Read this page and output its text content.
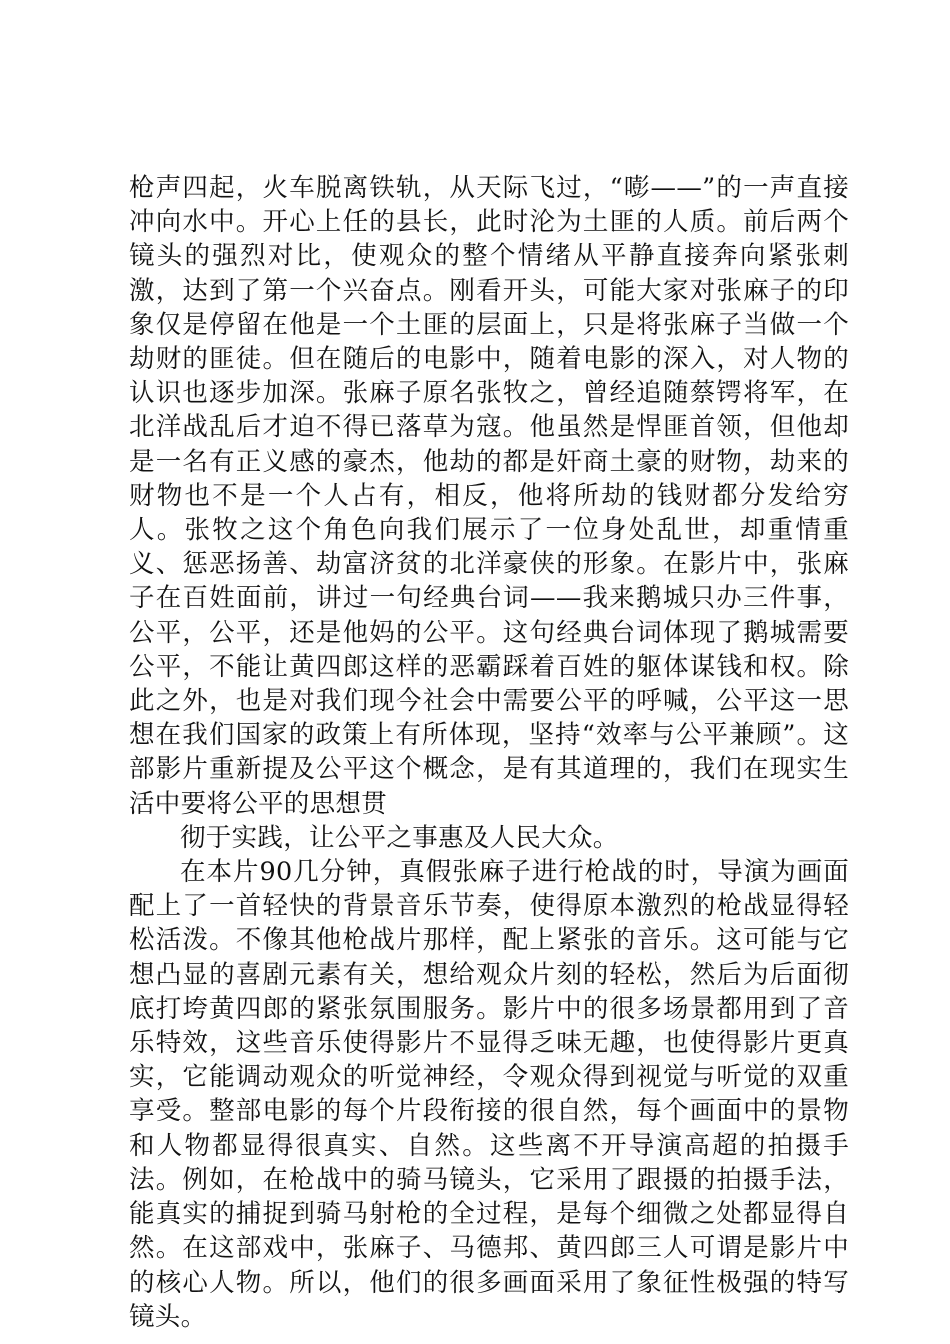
枪声四起，火车脱离铁轨，从天际飞过，“嘭——”的一声直接冲向水中。开心上任的县长，此时沦为土匪的人质。前后两个镜头的强烈对比，使观众的整个情绪从平静直接奔向紧张刺激，达到了第一个兴奋点。刚看开头，可能大家对张麻子的印象仅是停留在他是一个土匪的层面上，只是将张麻子当做一个劫财的匪徒。但在随后的电影中，随着电影的深入，对人物的认识也逐步加深。张麻子原名张牧之，曾经追随蔡锷将军，在北洋战乱后才迫不得已落草为寇。他虽然是悍匪首领，但他却是一名有正义感的豪杰，他劫的都是奸商土豪的财物，劫来的财物也不是一个人占有，相反，他将所劫的钱财都分发给穷人。张牧之这个角色向我们展示了一位身处乱世，却重情重义、惩恶扬善、劫富济贫的北洋豪侠的形象。在影片中，张麻子在百姓面前，讲过一句经典台词——我来鹅城只办三件事，公平，公平，还是他妈的公平。这句经典台词体现了鹅城需要公平，不能让黄四郎这样的恶霸踩着百姓的躯体谋钱和权。除此之外，也是对我们现今社会中需要公平的呼喊，公平这一思想在我们国家的政策上有所体现，坚持“效率与公平兼顾”。这部影片重新提及公平这个概念，是有其道理的，我们在现实生活中要将公平的思想贯

彻于实践，让公平之事惠及人民大众。

在本片90几分钟，真假张麻子进行枪战的时，导演为画面配上了一首轻快的背景音乐节奏，使得原本激烈的枪战显得轻松活泼。不像其他枪战片那样，配上紧张的音乐。这可能与它想凸显的喜剧元素有关，想给观众片刻的轻松，然后为后面彻底打垮黄四郎的紧张氛围服务。影片中的很多场景都用到了音乐特效，这些音乐使得影片不显得乏味无趣，也使得影片更真实，它能调动观众的听觉神经，令观众得到视觉与听觉的双重享受。整部电影的每个片段衔接的很自然，每个画面中的景物和人物都显得很真实、自然。这些离不开导演高超的拍摄手法。例如，在枪战中的骑马镜头，它采用了跟摄的拍摄手法，能真实的捕捉到骑马射枪的全过程，是每个细微之处都显得自然。在这部戏中，张麻子、马德邦、黄四郎三人可谓是影片中的核心人物。所以，他们的很多画面采用了象征性极强的特写镜头。
